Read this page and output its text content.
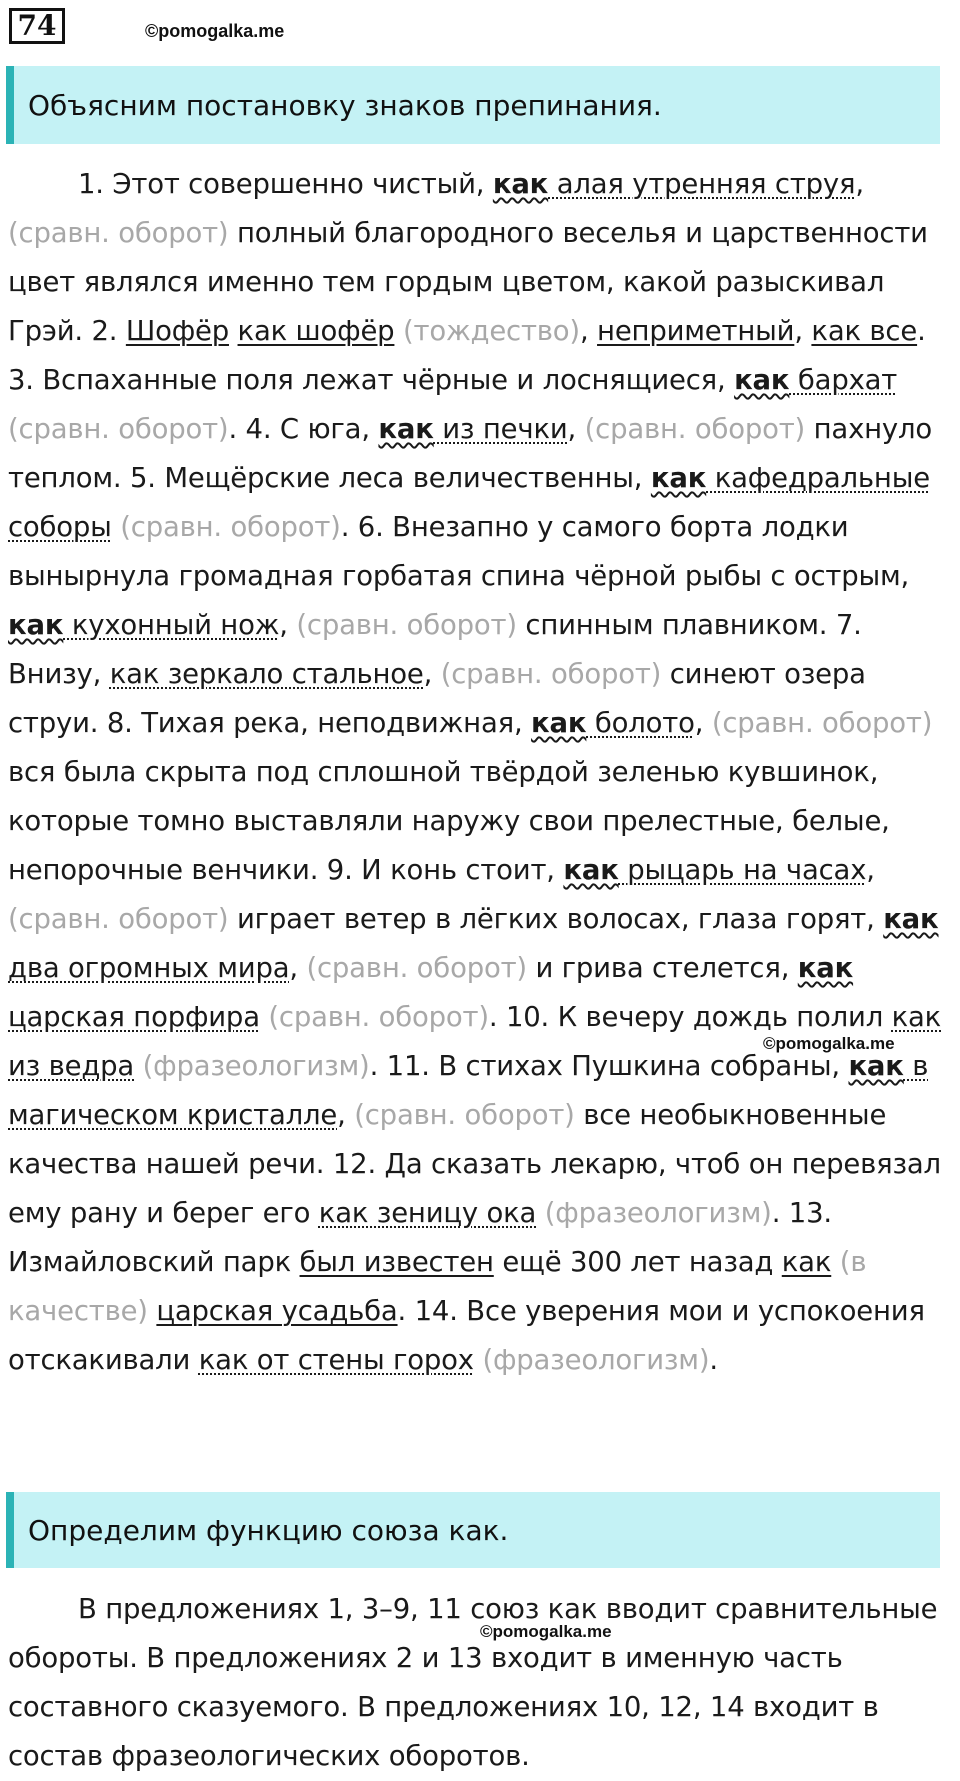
74	©pomogalka.me
Объясним постановку знаков препинания.
1. Этот совершенно чистый, как алая утренняя струя, (сравн. оборот) полный благородного веселья и царственности цвет являлся именно тем гордым цветом, какой разыскивал Грэй. 2. Шофёр как шофёр (тождество), неприметный, как все. 3. Вспаханные поля лежат чёрные и лоснящиеся, как бархат (сравн. оборот). 4. С юга, как из печки, (сравн. оборот) пахнуло теплом. 5. Мещёрские леса величественны, как кафедральные соборы (сравн. оборот). 6. Внезапно у самого борта лодки вынырнула громадная горбатая спина чёрной рыбы с острым, как кухонный нож, (сравн. оборот) спинным плавником. 7. Внизу, как зеркало стальное, (сравн. оборот) синеют озера струи. 8. Тихая река, неподвижная, как болото, (сравн. оборот) вся была скрыта под сплошной твёрдой зеленью кувшинок, которые томно выставляли наружу свои прелестные, белые, непорочные венчики. 9. И конь стоит, как рыцарь на часах, (сравн. оборот) играет ветер в лёгких волосах, глаза горят, как два огромных мира, (сравн. оборот) и грива стелется, как царская порфира (сравн. оборот). 10. К вечеру дождь полил как из ведра (фразеологизм). 11. В стихах Пушкина собраны, как в магическом кристалле, (сравн. оборот) все необыкновенные качества нашей речи. 12. Да сказать лекарю, чтоб он перевязал ему рану и берег его как зеницу ока (фразеологизм). 13. Измайловский парк был известен ещё 300 лет назад как (в качестве) царская усадьба. 14. Все уверения мои и успокоения отскакивали как от стены горох (фразеологизм).
©pomogalka.me
Определим функцию союза как.
В предложениях 1, 3–9, 11 союз как вводит сравнительные обороты. В предложениях 2 и 13 входит в именную часть составного сказуемого. В предложениях 10, 12, 14 входит в состав фразеологических оборотов.
©pomogalka.me
